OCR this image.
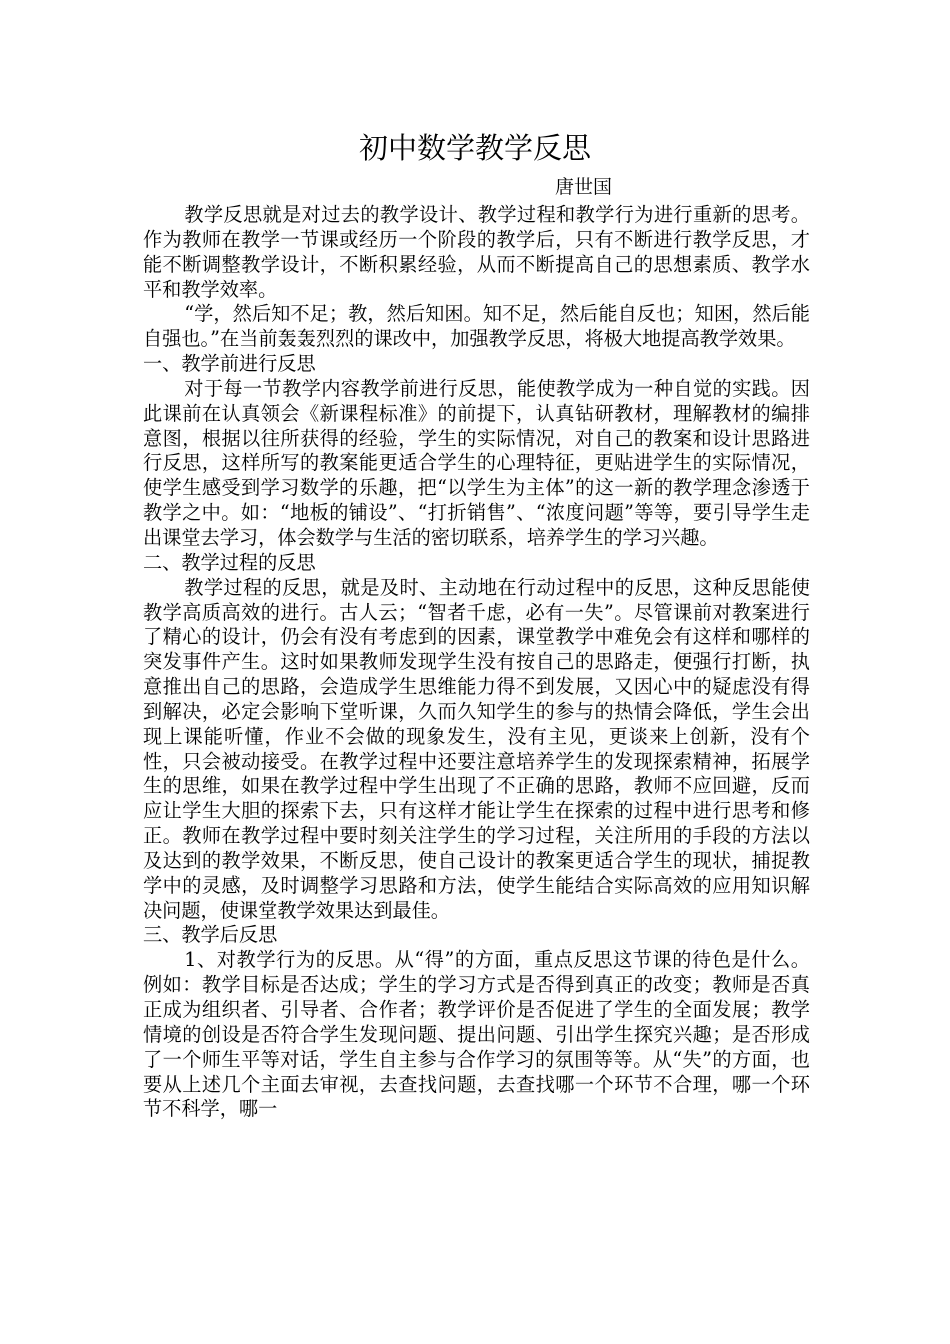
初中数学教学反思
唐世国

教学反思就是对过去的教学设计、教学过程和教学行为进行重新的思考。作为教师在教学一节课或经历一个阶段的教学后，只有不断进行教学反思，才能不断调整教学设计，不断积累经验，从而不断提高自己的思想素质、教学水平和教学效率。

“学，然后知不足；教，然后知困。知不足，然后能自反也；知困，然后能自强也。”在当前轰轰烈烈的课改中，加强教学反思，将极大地提高教学效果。

一、教学前进行反思

对于每一节教学内容教学前进行反思，能使教学成为一种自觉的实践。因此课前在认真领会《新课程标准》的前提下，认真钻研教材，理解教材的编排意图，根据以往所获得的经验，学生的实际情况，对自己的教案和设计思路进行反思，这样所写的教案能更适合学生的心理特征，更贴进学生的实际情况，使学生感受到学习数学的乐趣，把“以学生为主体”的这一新的教学理念渗透于教学之中。如：“地板的铺设”、“打折销售”、“浓度问题”等等，要引导学生走出课堂去学习，体会数学与生活的密切联系，培养学生的学习兴趣。

二、教学过程的反思

教学过程的反思，就是及时、主动地在行动过程中的反思，这种反思能使教学高质高效的进行。古人云；“智者千虑，必有一失”。尽管课前对教案进行了精心的设计，仍会有没有考虑到的因素，课堂教学中难免会有这样和哪样的突发事件产生。这时如果教师发现学生没有按自己的思路走，便强行打断，执意推出自己的思路，会造成学生思维能力得不到发展，又因心中的疑虑没有得到解决，必定会影响下堂听课，久而久知学生的参与的热情会降低，学生会出现上课能听懂，作业不会做的现象发生，没有主见，更谈来上创新，没有个性，只会被动接受。在教学过程中还要注意培养学生的发现探索精神，拓展学生的思维，如果在教学过程中学生出现了不正确的思路，教师不应回避，反而应让学生大胆的探索下去，只有这样才能让学生在探索的过程中进行思考和修正。教师在教学过程中要时刻关注学生的学习过程，关注所用的手段的方法以及达到的教学效果，不断反思，使自己设计的教案更适合学生的现状，捕捉教学中的灵感，及时调整学习思路和方法，使学生能结合实际高效的应用知识解决问题，使课堂教学效果达到最佳。

三、教学后反思

1、对教学行为的反思。从“得”的方面，重点反思这节课的待色是什么。例如：教学目标是否达成；学生的学习方式是否得到真正的改变；教师是否真正成为组织者、引导者、合作者；教学评价是否促进了学生的全面发展；教学情境的创设是否符合学生发现问题、提出问题、引出学生探究兴趣；是否形成了一个师生平等对话，学生自主参与合作学习的氛围等等。从“失”的方面，也要从上述几个主面去审视，去查找问题，去查找哪一个环节不合理，哪一个环节不科学，哪一
